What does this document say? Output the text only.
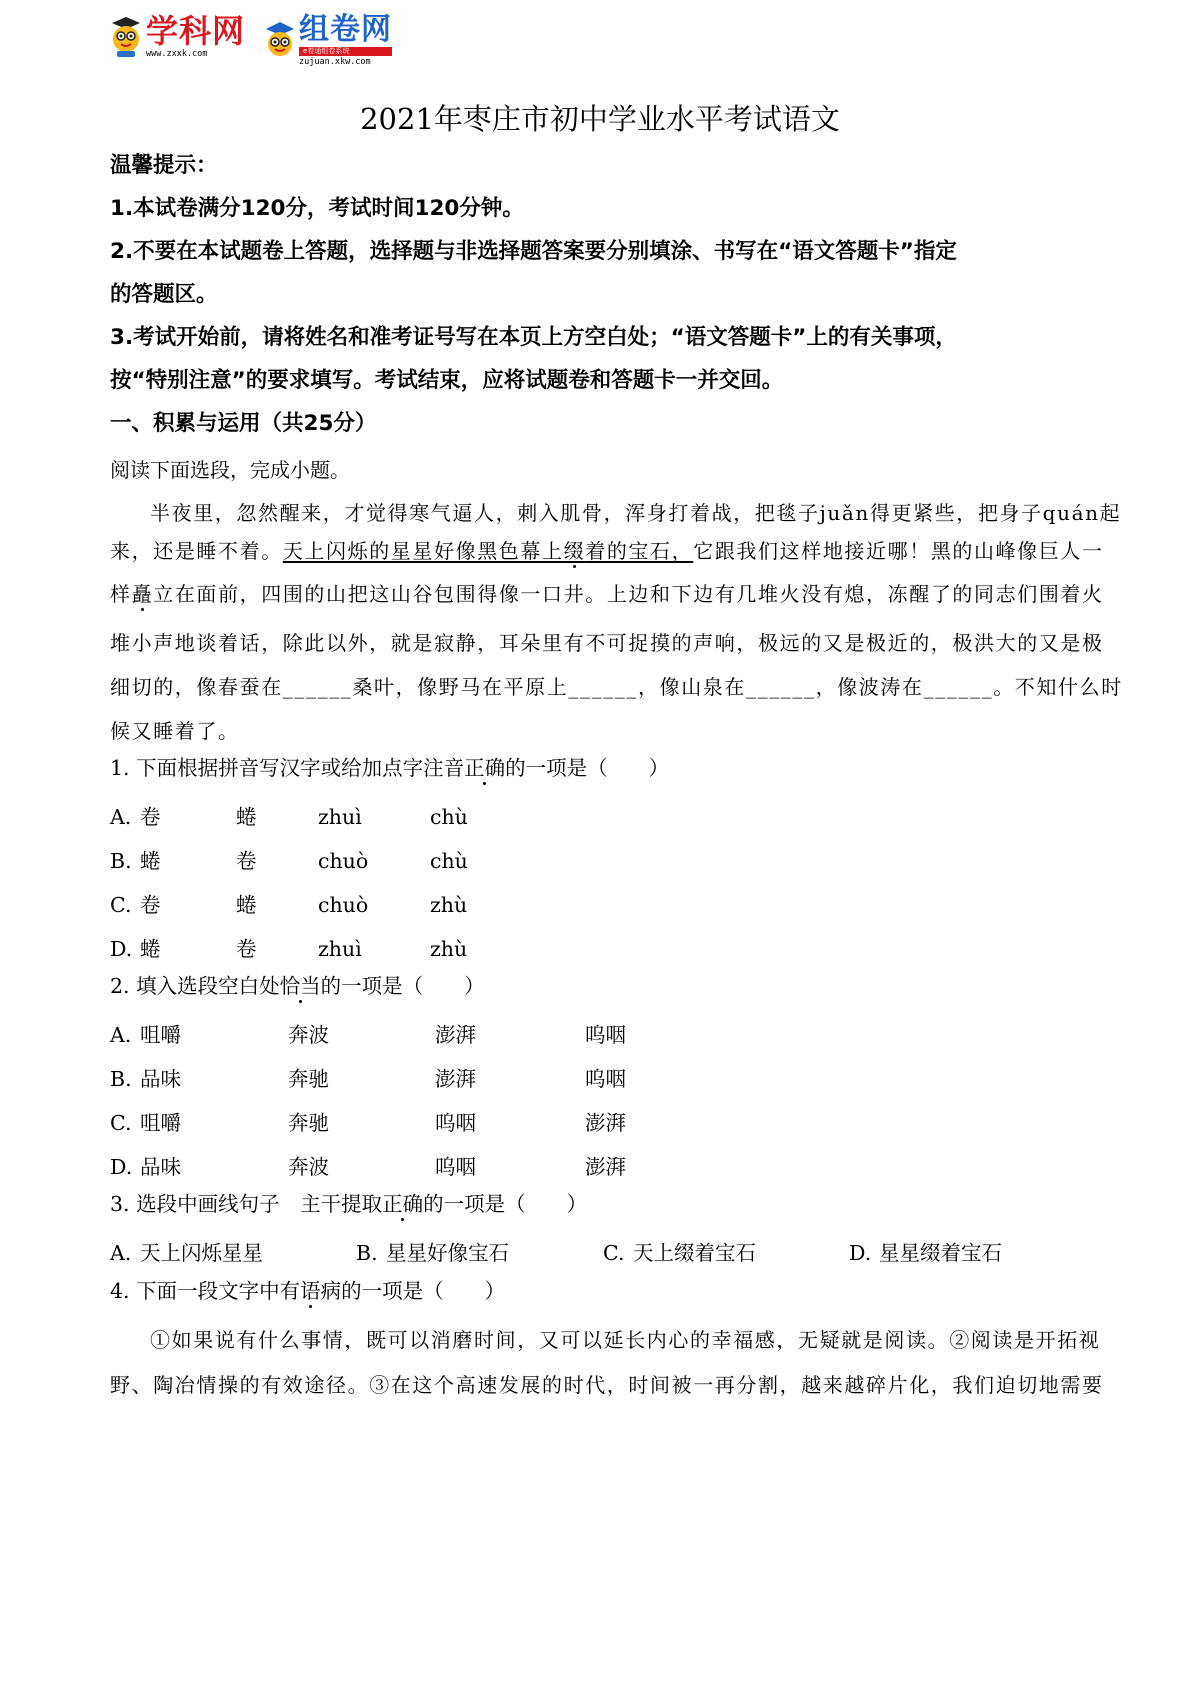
学科网
www.zxxk.com
组卷网
e卷通组卷系统
zujuan.xkw.com
2021年枣庄市初中学业水平考试语文
温馨提示：
1.本试卷满分120分，考试时间120分钟。
2.不要在本试题卷上答题，选择题与非选择题答案要分别填涂、书写在“语文答题卡”指定
的答题区。
3.考试开始前，请将姓名和准考证号写在本页上方空白处；“语文答题卡”上的有关事项，
按“特别注意”的要求填写。考试结束，应将试题卷和答题卡一并交回。
一、积累与运用（共25分）
阅读下面选段，完成小题。
半夜里，忽然醒来，才觉得寒气逼人，刺入肌骨，浑身打着战，把毯子juǎn得更紧些，把身子quán起
来，还是睡不着。天上闪烁的星星好像黑色幕上缀着的宝石，它跟我们这样地接近哪！黑的山峰像巨人一
样矗立在面前，四围的山把这山谷包围得像一口井。上边和下边有几堆火没有熄，冻醒了的同志们围着火
堆小声地谈着话，除此以外，就是寂静，耳朵里有不可捉摸的声响，极远的又是极近的，极洪大的又是极
细切的，像春蚕在______桑叶，像野马在平原上______，像山泉在______，像波涛在______。不知什么时
候又睡着了。
1. 下面根据拼音写汉字或给加点字注音正确的一项是（　　）
A. 卷	蜷	zhuì	chù
B. 蜷	卷	chuò	chù
C. 卷	蜷	chuò	zhù
D. 蜷	卷	zhuì	zhù
2. 填入选段空白处恰当的一项是（　　）
A. 咀嚼	奔波	澎湃	呜咽
B. 品味	奔驰	澎湃	呜咽
C. 咀嚼	奔驰	呜咽	澎湃
D. 品味	奔波	呜咽	澎湃
3. 选段中画线句子　主干提取正确的一项是（　　）
A. 天上闪烁星星	B. 星星好像宝石	C. 天上缀着宝石	D. 星星缀着宝石
4. 下面一段文字中有语病的一项是（　　）
①如果说有什么事情，既可以消磨时间，又可以延长内心的幸福感，无疑就是阅读。②阅读是开拓视
野、陶冶情操的有效途径。③在这个高速发展的时代，时间被一再分割，越来越碎片化，我们迫切地需要
